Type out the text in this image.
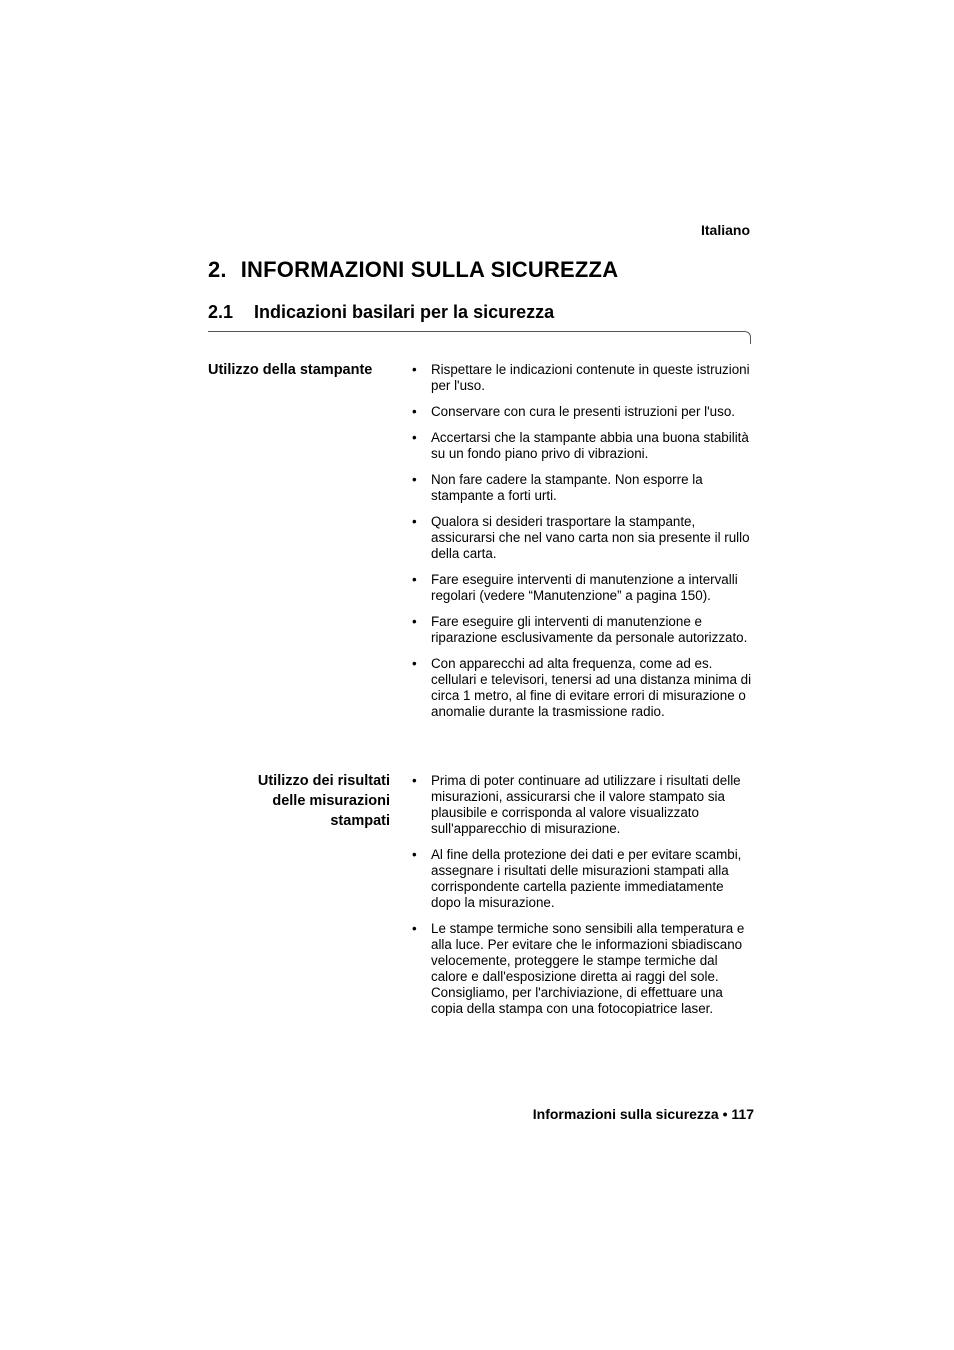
Italiano

2. INFORMAZIONI SULLA SICUREZZA
2.1 Indicazioni basilari per la sicurezza

Utilizzo della stampante	• Rispettare le indicazioni contenute in queste istruzioni per l'uso.
• Conservare con cura le presenti istruzioni per l'uso.
• Accertarsi che la stampante abbia una buona stabilità su un fondo piano privo di vibrazioni.
• Non fare cadere la stampante. Non esporre la stampante a forti urti.
• Qualora si desideri trasportare la stampante, assicurarsi che nel vano carta non sia presente il rullo della carta.
• Fare eseguire interventi di manutenzione a intervalli regolari (vedere “Manutenzione” a pagina 150).
• Fare eseguire gli interventi di manutenzione e riparazione esclusivamente da personale autorizzato.
• Con apparecchi ad alta frequenza, come ad es. cellulari e televisori, tenersi ad una distanza minima di circa 1 metro, al fine di evitare errori di misurazione o anomalie durante la trasmissione radio.

Utilizzo dei risultati
delle misurazioni
stampati

• Prima di poter continuare ad utilizzare i risultati delle misurazioni, assicurarsi che il valore stampato sia plausibile e corrisponda al valore visualizzato sull'apparecchio di misurazione.
• Al fine della protezione dei dati e per evitare scambi, assegnare i risultati delle misurazioni stampati alla corrispondente cartella paziente immediatamente dopo la misurazione.
• Le stampe termiche sono sensibili alla temperatura e alla luce. Per evitare che le informazioni sbiadiscano velocemente, proteggere le stampe termiche dal calore e dall'esposizione diretta ai raggi del sole. Consigliamo, per l'archiviazione, di effettuare una copia della stampa con una fotocopiatrice laser.

Informazioni sulla sicurezza • 117
